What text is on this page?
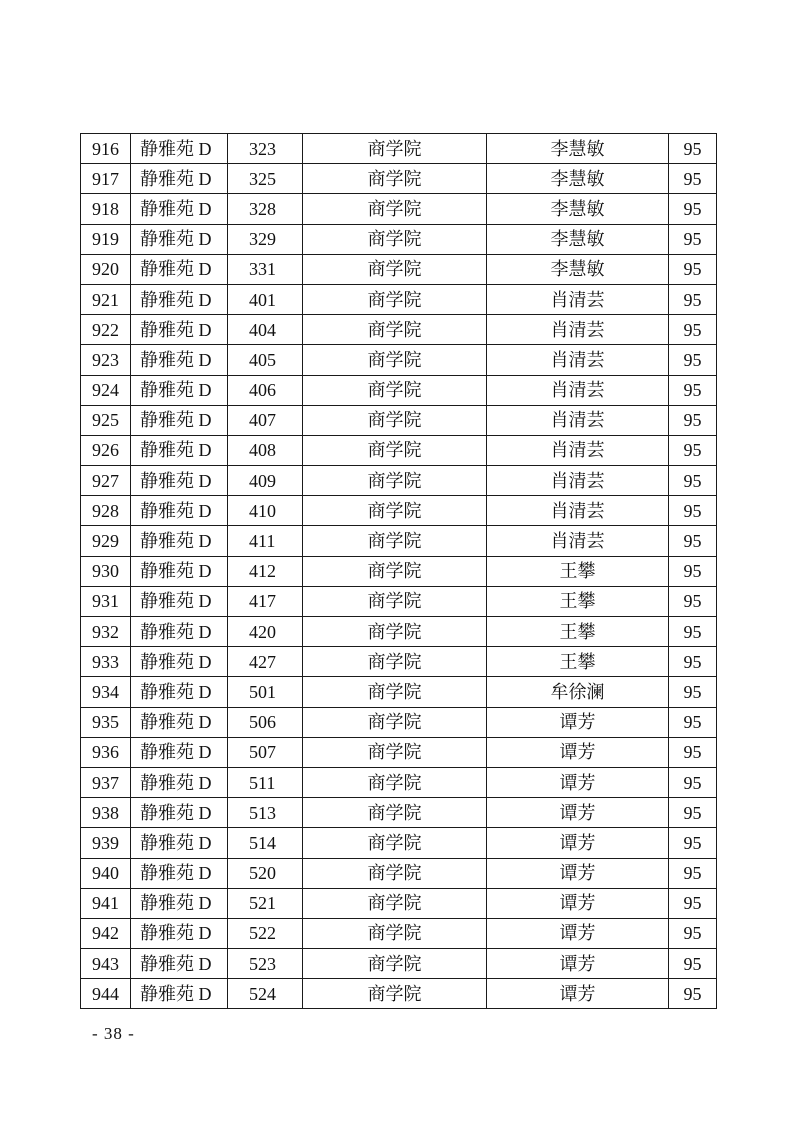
916	静雅苑 D	323	商学院	李慧敏	95
917	静雅苑 D	325	商学院	李慧敏	95
918	静雅苑 D	328	商学院	李慧敏	95
919	静雅苑 D	329	商学院	李慧敏	95
920	静雅苑 D	331	商学院	李慧敏	95
921	静雅苑 D	401	商学院	肖清芸	95
922	静雅苑 D	404	商学院	肖清芸	95
923	静雅苑 D	405	商学院	肖清芸	95
924	静雅苑 D	406	商学院	肖清芸	95
925	静雅苑 D	407	商学院	肖清芸	95
926	静雅苑 D	408	商学院	肖清芸	95
927	静雅苑 D	409	商学院	肖清芸	95
928	静雅苑 D	410	商学院	肖清芸	95
929	静雅苑 D	411	商学院	肖清芸	95
930	静雅苑 D	412	商学院	王攀	95
931	静雅苑 D	417	商学院	王攀	95
932	静雅苑 D	420	商学院	王攀	95
933	静雅苑 D	427	商学院	王攀	95
934	静雅苑 D	501	商学院	牟徐澜	95
935	静雅苑 D	506	商学院	谭芳	95
936	静雅苑 D	507	商学院	谭芳	95
937	静雅苑 D	511	商学院	谭芳	95
938	静雅苑 D	513	商学院	谭芳	95
939	静雅苑 D	514	商学院	谭芳	95
940	静雅苑 D	520	商学院	谭芳	95
941	静雅苑 D	521	商学院	谭芳	95
942	静雅苑 D	522	商学院	谭芳	95
943	静雅苑 D	523	商学院	谭芳	95
944	静雅苑 D	524	商学院	谭芳	95
- 38 -
